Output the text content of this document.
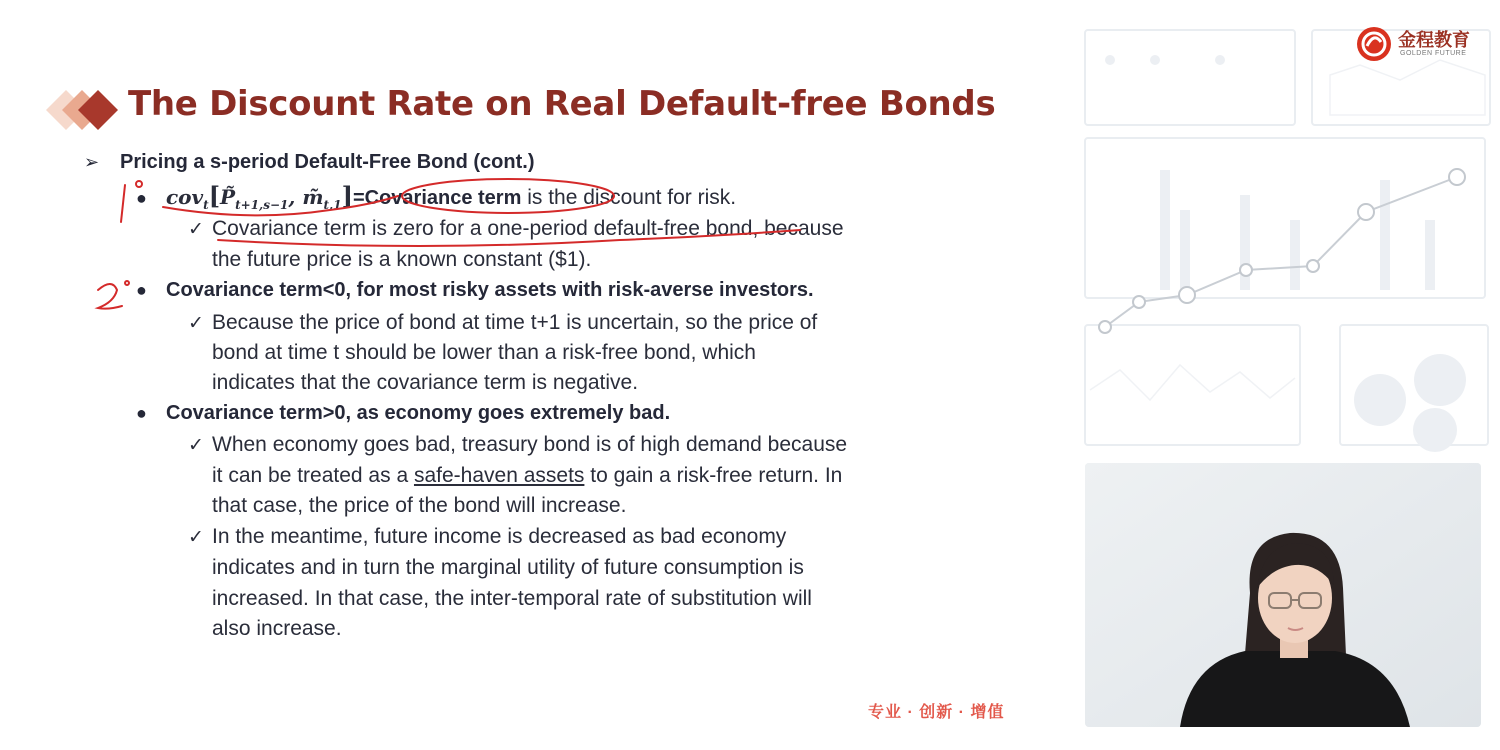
金程教育
GOLDEN FUTURE
The Discount Rate on Real Default-free Bonds
➢ Pricing a s-period Default-Free Bond (cont.)
● $cov_t[P̃_{t+1,s-1}$, $m̃_{t,1}]=Covariance$ term is the discount for risk.
✓ Covariance term is zero for a one-period default-free bond, because
the future price is a known constant ($1).
● Covariance term<0, for most risky assets with risk-averse investors.
✓ Because the price of bond at time t+1 is uncertain, so the price of
bond at time t should be lower than a risk-free bond, which
indicates that the covariance term is negative.
● Covariance term>0, as economy goes extremely bad.
✓ When economy goes bad, treasury bond is of high demand because
it can be treated as a safe-haven assets to gain a risk-free return. In
that case, the price of the bond will increase.
✓ In the meantime, future income is decreased as bad economy
indicates and in turn the marginal utility of future consumption is
increased. In that case, the inter-temporal rate of substitution will
also increase.
专业 · 创新 · 增值
